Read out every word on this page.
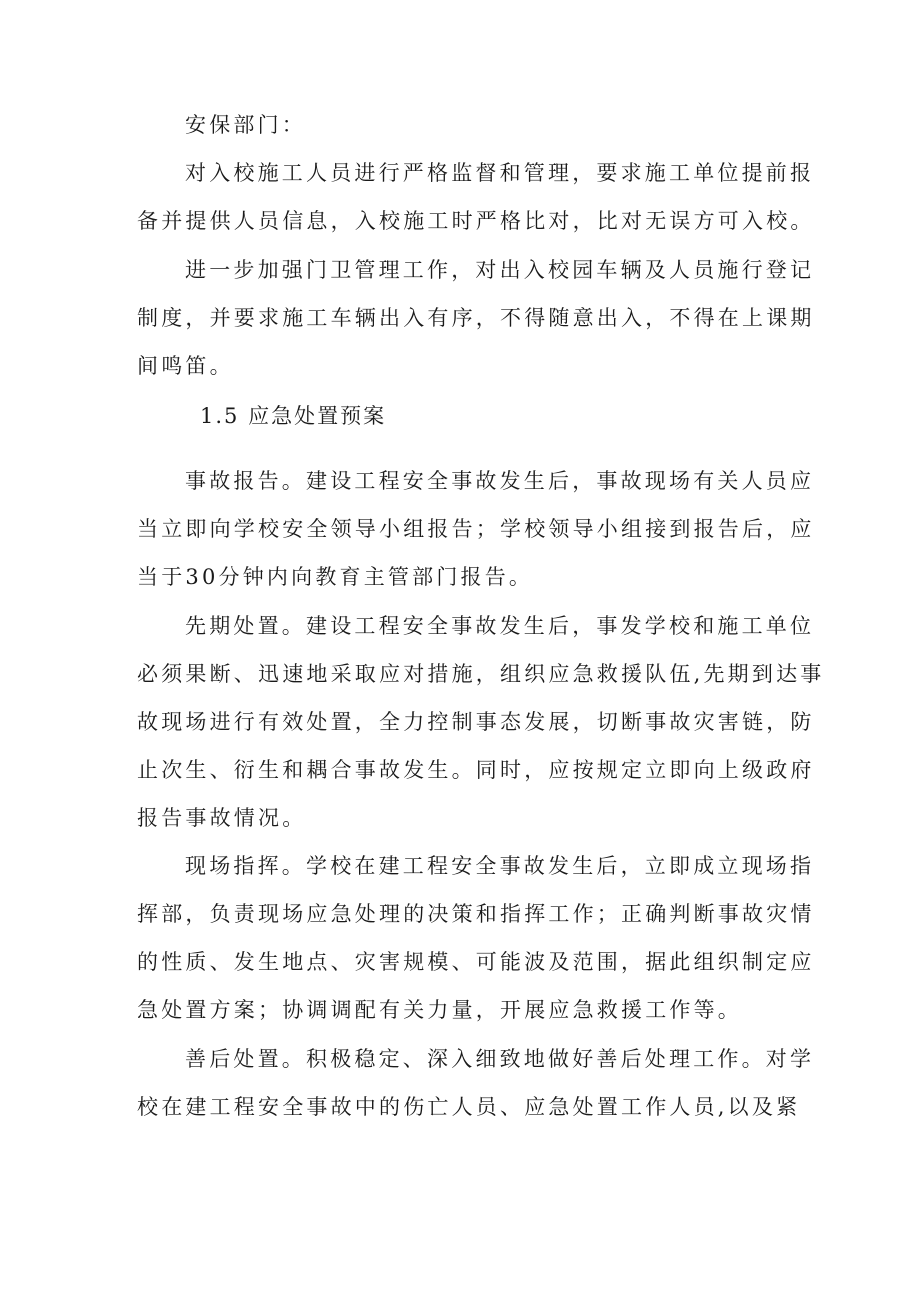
安保部门：
对入校施工人员进行严格监督和管理，要求施工单位提前报
备并提供人员信息，入校施工时严格比对，比对无误方可入校。
进一步加强门卫管理工作，对出入校园车辆及人员施行登记
制度，并要求施工车辆出入有序，不得随意出入，不得在上课期
间鸣笛。
1.5 应急处置预案
事故报告。建设工程安全事故发生后，事故现场有关人员应
当立即向学校安全领导小组报告；学校领导小组接到报告后，应
当于30分钟内向教育主管部门报告。
先期处置。建设工程安全事故发生后，事发学校和施工单位
必须果断、迅速地采取应对措施，组织应急救援队伍,先期到达事
故现场进行有效处置，全力控制事态发展，切断事故灾害链，防
止次生、衍生和耦合事故发生。同时，应按规定立即向上级政府
报告事故情况。
现场指挥。学校在建工程安全事故发生后，立即成立现场指
挥部，负责现场应急处理的决策和指挥工作；正确判断事故灾情
的性质、发生地点、灾害规模、可能波及范围，据此组织制定应
急处置方案；协调调配有关力量，开展应急救援工作等。
善后处置。积极稳定、深入细致地做好善后处理工作。对学
校在建工程安全事故中的伤亡人员、应急处置工作人员,以及紧
